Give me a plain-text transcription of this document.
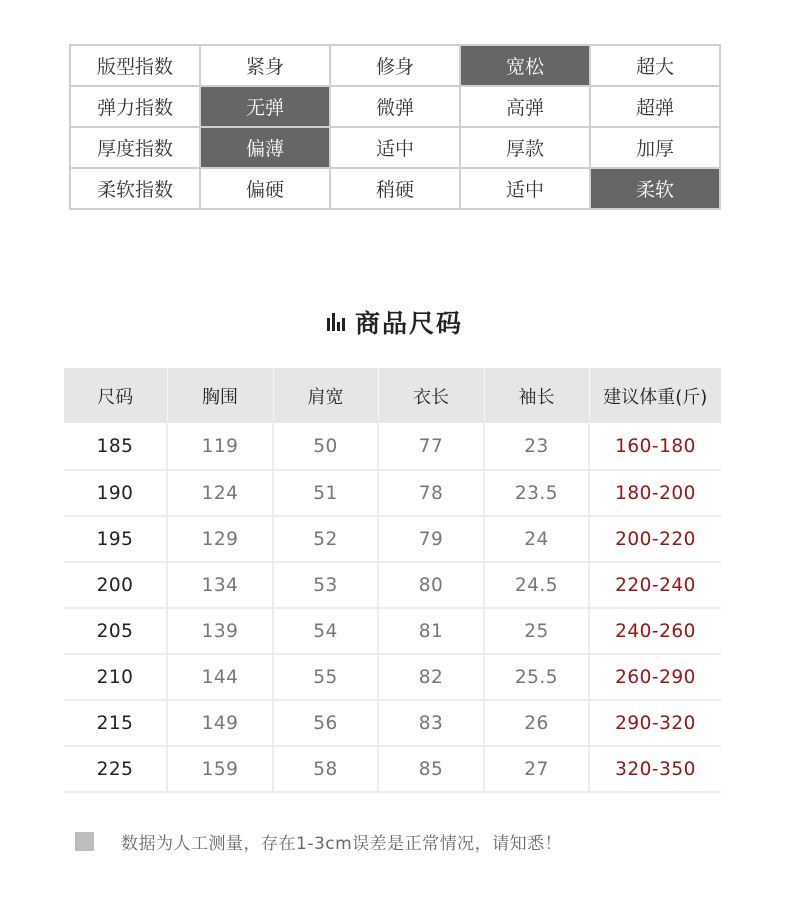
版型指数	紧身	修身	宽松	超大
弹力指数	无弹	微弹	高弹	超弹
厚度指数	偏薄	适中	厚款	加厚
柔软指数	偏硬	稍硬	适中	柔软
商品尺码
尺码	胸围	肩宽	衣长	袖长	建议体重(斤)
185	119	50	77	23	160-180
190	124	51	78	23.5	180-200
195	129	52	79	24	200-220
200	134	53	80	24.5	220-240
205	139	54	81	25	240-260
210	144	55	82	25.5	260-290
215	149	56	83	26	290-320
225	159	58	85	27	320-350
数据为人工测量，存在1-3cm误差是正常情况，请知悉！
